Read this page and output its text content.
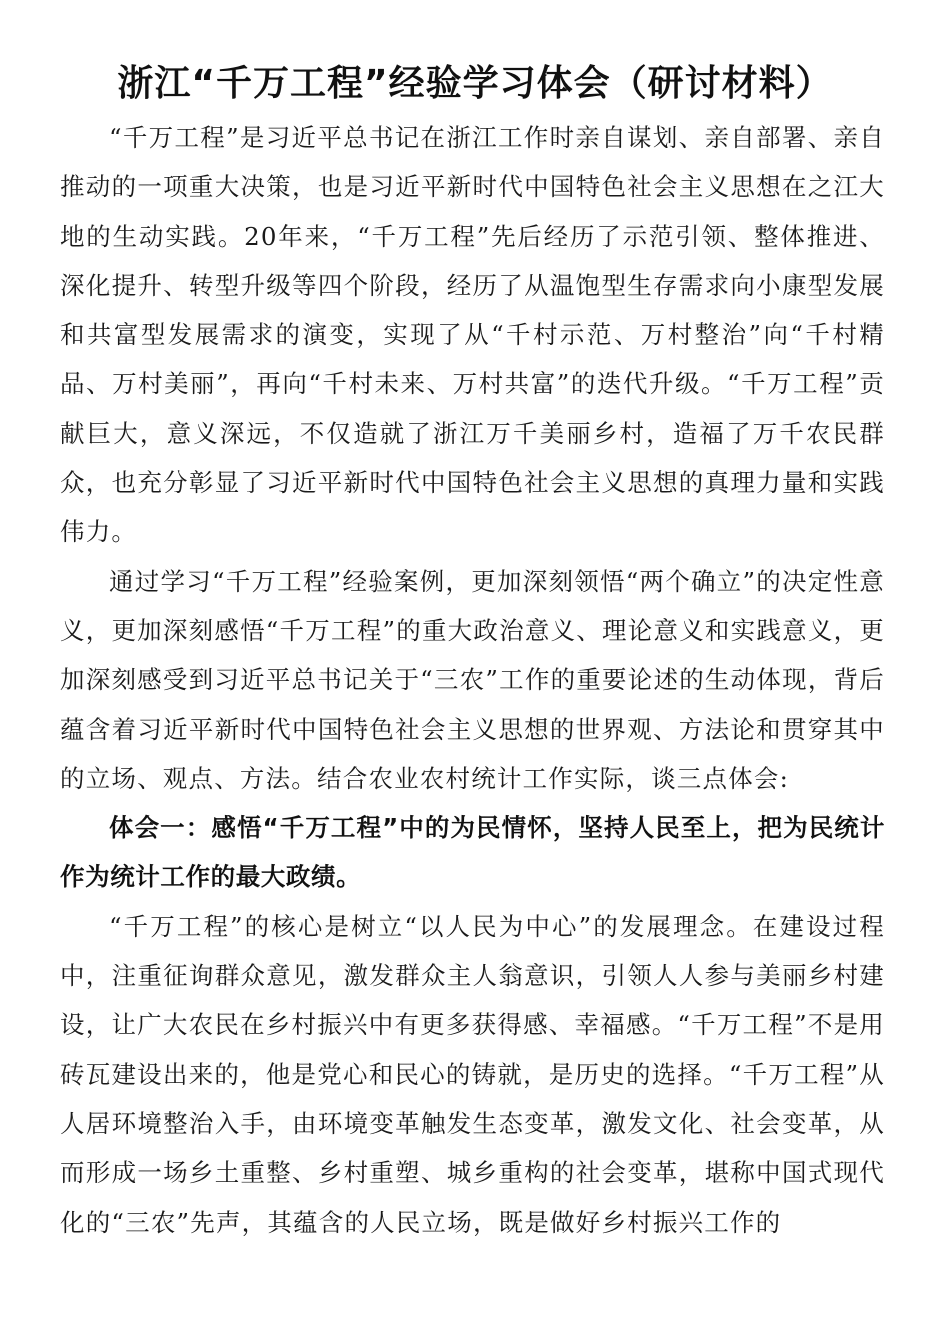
浙江“千万工程”经验学习体会（研讨材料）

“千万工程”是习近平总书记在浙江工作时亲自谋划、亲自部署、亲自推动的一项重大决策，也是习近平新时代中国特色社会主义思想在之江大地的生动实践。20年来，“千万工程”先后经历了示范引领、整体推进、深化提升、转型升级等四个阶段，经历了从温饱型生存需求向小康型发展和共富型发展需求的演变，实现了从“千村示范、万村整治”向“千村精品、万村美丽”，再向“千村未来、万村共富”的迭代升级。“千万工程”贡献巨大，意义深远，不仅造就了浙江万千美丽乡村，造福了万千农民群众，也充分彰显了习近平新时代中国特色社会主义思想的真理力量和实践伟力。

通过学习“千万工程”经验案例，更加深刻领悟“两个确立”的决定性意义，更加深刻感悟“千万工程”的重大政治意义、理论意义和实践意义，更加深刻感受到习近平总书记关于“三农”工作的重要论述的生动体现，背后蕴含着习近平新时代中国特色社会主义思想的世界观、方法论和贯穿其中的立场、观点、方法。结合农业农村统计工作实际，谈三点体会:

体会一：感悟“千万工程”中的为民情怀，坚持人民至上，把为民统计作为统计工作的最大政绩。

“千万工程”的核心是树立“以人民为中心”的发展理念。在建设过程中，注重征询群众意见，激发群众主人翁意识，引领人人参与美丽乡村建设，让广大农民在乡村振兴中有更多获得感、幸福感。“千万工程”不是用砖瓦建设出来的，他是党心和民心的铸就，是历史的选择。“千万工程”从人居环境整治入手，由环境变革触发生态变革，激发文化、社会变革，从而形成一场乡土重整、乡村重塑、城乡重构的社会变革，堪称中国式现代化的“三农”先声，其蕴含的人民立场，既是做好乡村振兴工作的
